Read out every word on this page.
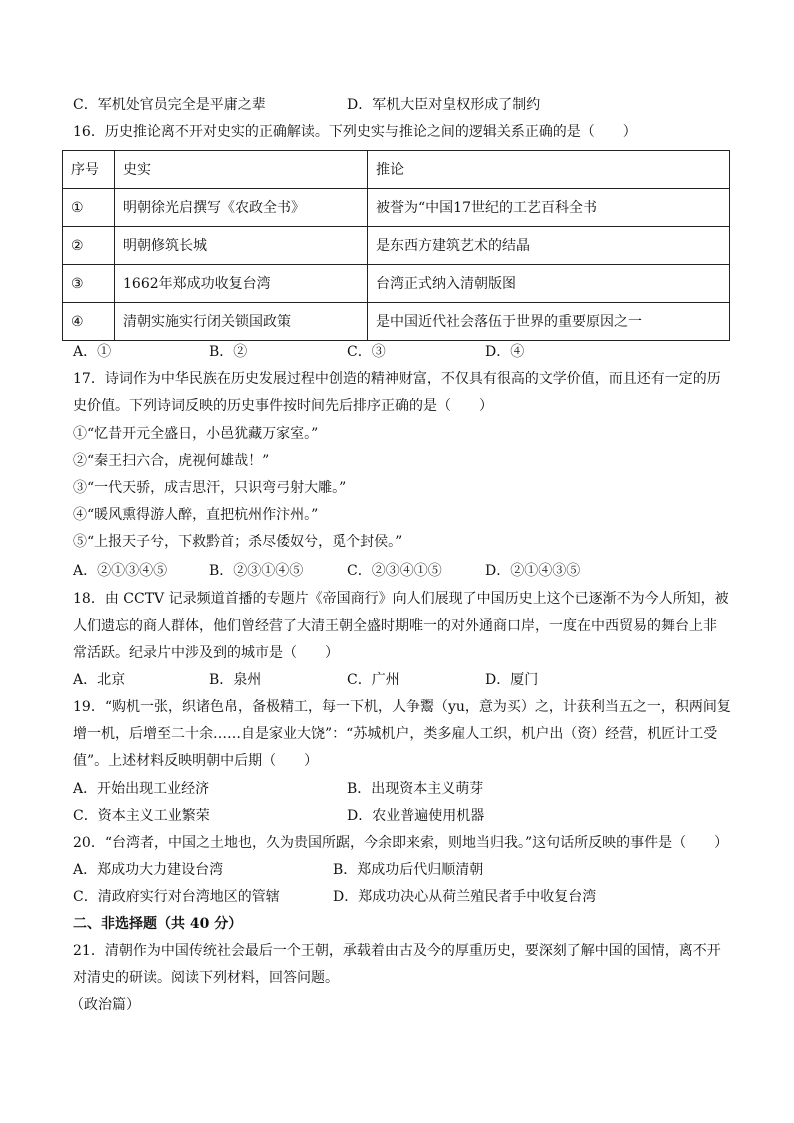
C．军机处官员完全是平庸之辈	D．军机大臣对皇权形成了制约
16．历史推论离不开对史实的正确解读。下列史实与推论之间的逻辑关系正确的是（　　）
序号	史实	推论
①	明朝徐光启撰写《农政全书》	被誉为“中国17世纪的工艺百科全书
②	明朝修筑长城	是东西方建筑艺术的结晶
③	1662年郑成功收复台湾	台湾正式纳入清朝版图
④	清朝实施实行闭关锁国政策	是中国近代社会落伍于世界的重要原因之一
A．①	B．②	C．③	D．④
17．诗词作为中华民族在历史发展过程中创造的精神财富，不仅具有很高的文学价值，而且还有一定的历
史价值。下列诗词反映的历史事件按时间先后排序正确的是（　　）
①“忆昔开元全盛日，小邑犹藏万家室。”
②“秦王扫六合，虎视何雄哉！”
③“一代天骄，成吉思汗，只识弯弓射大雕。”
④“暖风熏得游人醉，直把杭州作汴州。”
⑤“上报天子兮，下救黔首；杀尽倭奴兮，觅个封侯。”
A．②①③④⑤	B．②③①④⑤	C．②③④①⑤	D．②①④③⑤
18．由 CCTV 记录频道首播的专题片《帝国商行》向人们展现了中国历史上这个已逐渐不为今人所知，被
人们遗忘的商人群体，他们曾经营了大清王朝全盛时期唯一的对外通商口岸，一度在中西贸易的舞台上非
常活跃。纪录片中涉及到的城市是（　　）
A．北京	B．泉州	C．广州	D．厦门
19．“购机一张，织诸色帛，备极精工，每一下机，人争鬻（yu，意为买）之，计获利当五之一，积两间复
增一机，后增至二十余……自是家业大饶”：“苏城机户，类多雇人工织，机户出（资）经营，机匠计工受
值”。上述材料反映明朝中后期（　　）
A．开始出现工业经济	B．出现资本主义萌芽
C．资本主义工业繁荣	D．农业普遍使用机器
20．“台湾者，中国之土地也，久为贵国所踞，今余即来索，则地当归我。”这句话所反映的事件是（　　）
A．郑成功大力建设台湾	B．郑成功后代归顺清朝
C．清政府实行对台湾地区的管辖	D．郑成功决心从荷兰殖民者手中收复台湾
二、非选择题（共 40 分）
21．清朝作为中国传统社会最后一个王朝，承载着由古及今的厚重历史，要深刻了解中国的国情，离不开
对清史的研读。阅读下列材料，回答问题。
（政治篇）
